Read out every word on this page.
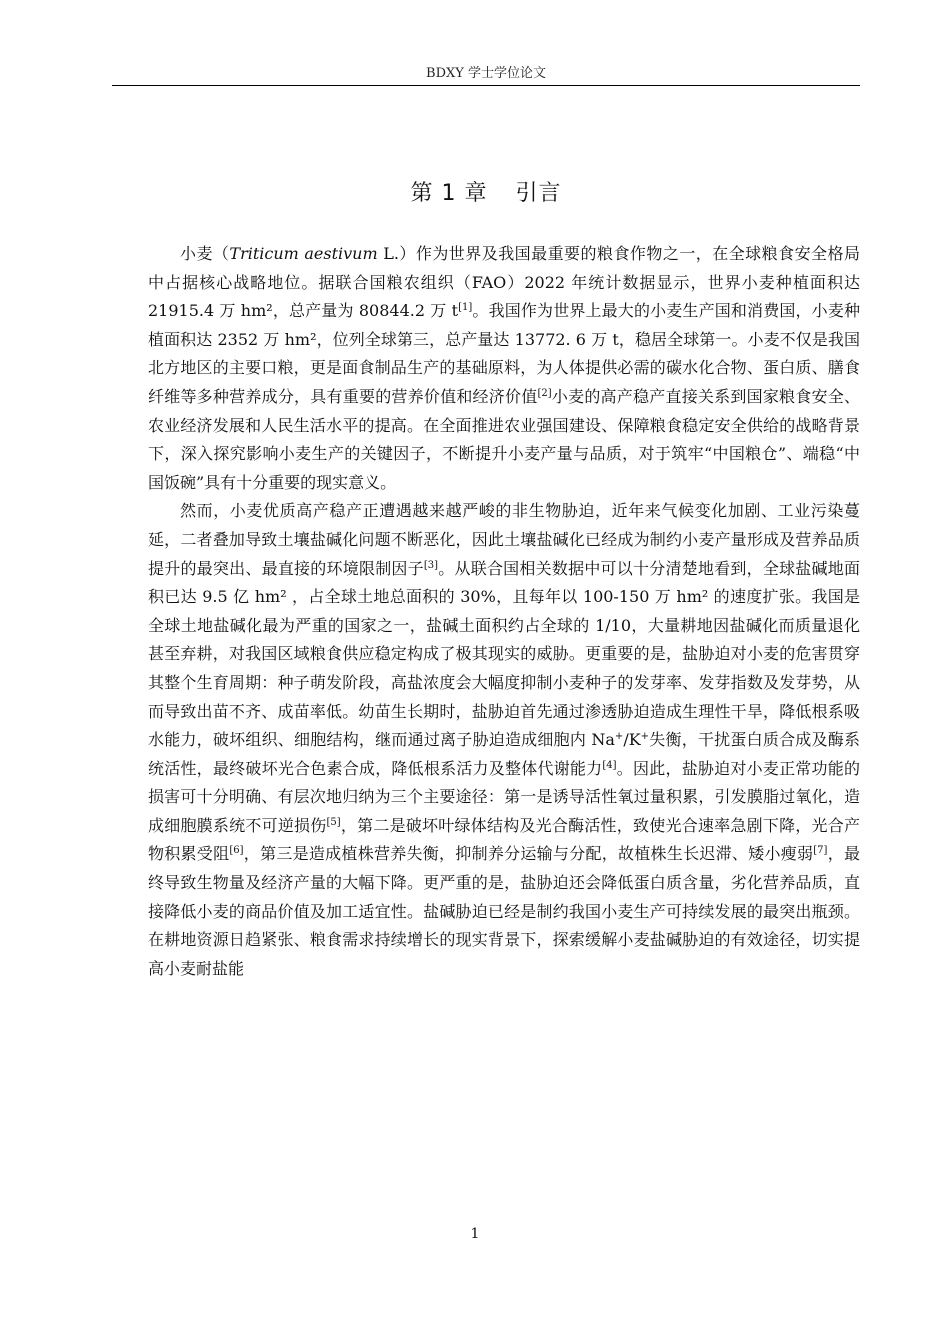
BDXY 学士学位论文
第 1 章 引言

小麦（Triticum aestivum L.）作为世界及我国最重要的粮食作物之一，在全球粮食安全格局中占据核心战略地位。据联合国粮农组织（FAO）2022 年统计数据显示，世界小麦种植面积达 21915.4 万 hm²，总产量为 80844.2 万 t[1]。我国作为世界上最大的小麦生产国和消费国，小麦种植面积达 2352 万 hm²，位列全球第三，总产量达 13772. 6 万 t，稳居全球第一。小麦不仅是我国北方地区的主要口粮，更是面食制品生产的基础原料，为人体提供必需的碳水化合物、蛋白质、膳食纤维等多种营养成分，具有重要的营养价值和经济价值[2]小麦的高产稳产直接关系到国家粮食安全、农业经济发展和人民生活水平的提高。在全面推进农业强国建设、保障粮食稳定安全供给的战略背景下，深入探究影响小麦生产的关键因子，不断提升小麦产量与品质，对于筑牢“中国粮仓”、端稳“中国饭碗”具有十分重要的现实意义。

然而，小麦优质高产稳产正遭遇越来越严峻的非生物胁迫，近年来气候变化加剧、工业污染蔓延，二者叠加导致土壤盐碱化问题不断恶化，因此土壤盐碱化已经成为制约小麦产量形成及营养品质提升的最突出、最直接的环境限制因子[3]。从联合国相关数据中可以十分清楚地看到，全球盐碱地面积已达 9.5 亿 hm² ，占全球土地总面积的 30%，且每年以 100-150 万 hm² 的速度扩张。我国是全球土地盐碱化最为严重的国家之一，盐碱土面积约占全球的 1/10，大量耕地因盐碱化而质量退化甚至弃耕，对我国区域粮食供应稳定构成了极其现实的威胁。更重要的是，盐胁迫对小麦的危害贯穿其整个生育周期：种子萌发阶段，高盐浓度会大幅度抑制小麦种子的发芽率、发芽指数及发芽势，从而导致出苗不齐、成苗率低。幼苗生长期时，盐胁迫首先通过渗透胁迫造成生理性干旱，降低根系吸水能力，破坏组织、细胞结构，继而通过离子胁迫造成细胞内 Na+/K+失衡，干扰蛋白质合成及酶系统活性，最终破坏光合色素合成，降低根系活力及整体代谢能力[4]。因此，盐胁迫对小麦正常功能的损害可十分明确、有层次地归纳为三个主要途径：第一是诱导活性氧过量积累，引发膜脂过氧化，造成细胞膜系统不可逆损伤[5]，第二是破坏叶绿体结构及光合酶活性，致使光合速率急剧下降，光合产物积累受阻[6]，第三是造成植株营养失衡，抑制养分运输与分配，故植株生长迟滞、矮小瘦弱[7]，最终导致生物量及经济产量的大幅下降。更严重的是，盐胁迫还会降低蛋白质含量，劣化营养品质，直接降低小麦的商品价值及加工适宜性。盐碱胁迫已经是制约我国小麦生产可持续发展的最突出瓶颈。在耕地资源日趋紧张、粮食需求持续增长的现实背景下，探索缓解小麦盐碱胁迫的有效途径，切实提高小麦耐盐能

1
